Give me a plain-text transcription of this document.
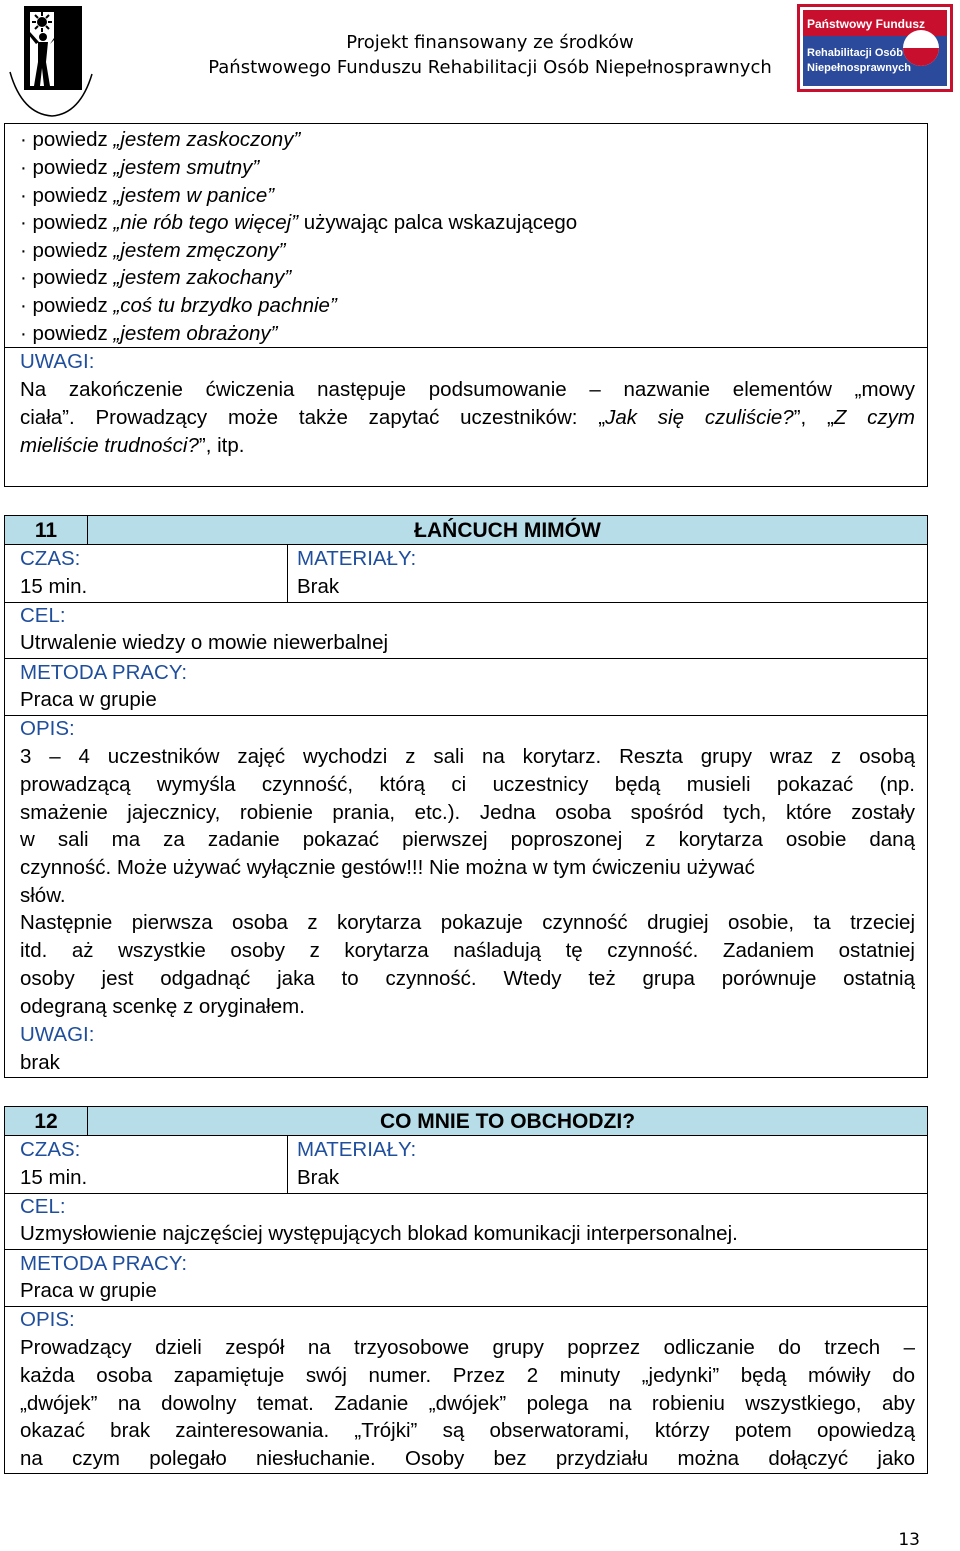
Projekt finansowany ze środków
Państwowego Funduszu Rehabilitacji Osób Niepełnosprawnych
Państwowy Fundusz
Rehabilitacji Osób
Niepełnosprawnych
· powiedz „jestem zaskoczony”
· powiedz „jestem smutny”
· powiedz „jestem w panice”
· powiedz „nie rób tego więcej” używając palca wskazującego
· powiedz „jestem zmęczony”
· powiedz „jestem zakochany”
· powiedz „coś tu brzydko pachnie”
· powiedz „jestem obrażony”
UWAGI:
Na zakończenie ćwiczenia następuje podsumowanie – nazwanie elementów „mowy
ciała”. Prowadzący może także zapytać uczestników: „Jak się czuliście?”, „Z czym
mieliście trudności?”, itp.
11	ŁAŃCUCH MIMÓW
CZAS:
15 min.
MATERIAŁY:
Brak
CEL:
Utrwalenie wiedzy o mowie niewerbalnej
METODA PRACY:
Praca w grupie
OPIS:
3 – 4 uczestników zajęć wychodzi z sali na korytarz. Reszta grupy wraz z osobą
prowadzącą wymyśla czynność, którą ci uczestnicy będą musieli pokazać (np.
smażenie jajecznicy, robienie prania, etc.). Jedna osoba spośród tych, które zostały
w sali ma za zadanie pokazać pierwszej poproszonej z korytarza osobie daną
czynność. Może używać wyłącznie gestów!!! Nie można w tym ćwiczeniu używać
słów.
Następnie pierwsza osoba z korytarza pokazuje czynność drugiej osobie, ta trzeciej
itd. aż wszystkie osoby z korytarza naśladują tę czynność. Zadaniem ostatniej
osoby jest odgadnąć jaka to czynność. Wtedy też grupa porównuje ostatnią
odegraną scenkę z oryginałem.
UWAGI:
brak
12	CO MNIE TO OBCHODZI?
CZAS:
15 min.
MATERIAŁY:
Brak
CEL:
Uzmysłowienie najczęściej występujących blokad komunikacji interpersonalnej.
METODA PRACY:
Praca w grupie
OPIS:
Prowadzący dzieli zespół na trzyosobowe grupy poprzez odliczanie do trzech –
każda osoba zapamiętuje swój numer. Przez 2 minuty „jedynki” będą mówiły do
„dwójek” na dowolny temat. Zadanie „dwójek” polega na robieniu wszystkiego, aby
okazać brak zainteresowania. „Trójki” są obserwatorami, którzy potem opowiedzą
na czym polegało niesłuchanie. Osoby bez przydziału można dołączyć jako
13
